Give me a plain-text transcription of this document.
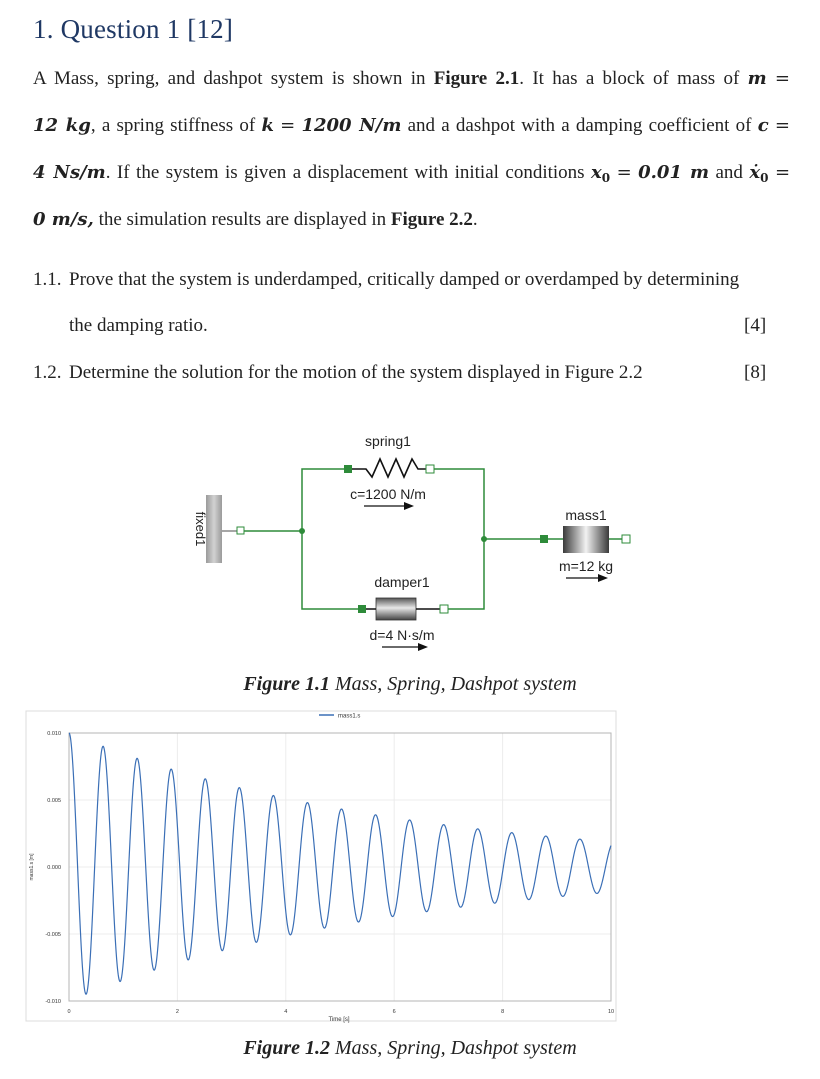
1. Question 1 [12]
A Mass, spring, and dashpot system is shown in Figure 2.1. It has a block of mass of m =
12 kg, a spring stiffness of k = 1200 N/m and a dashpot with a damping coefficient of c =
4 Ns/m. If the system is given a displacement with initial conditions $x_0 = 0.01$ m and ẋ$_0$ =
0 m/s, the simulation results are displayed in Figure 2.2.
1.1. Prove that the system is underdamped, critically damped or overdamped by determining
the damping ratio.	[4]
1.2. Determine the solution for the motion of the system displayed in Figure 2.2	[8]
fixed1
spring1
c=1200 N/m
damper1
d=4 N·s/m
mass1
m=12 kg
Figure 1.1 Mass, Spring, Dashpot system
0	2	4	6	8	10
0.010
0.005
0.000
-0.005
-0.010
mass1.s
Time [s]
mass1.s [m]
Figure 1.2 Mass, Spring, Dashpot system
